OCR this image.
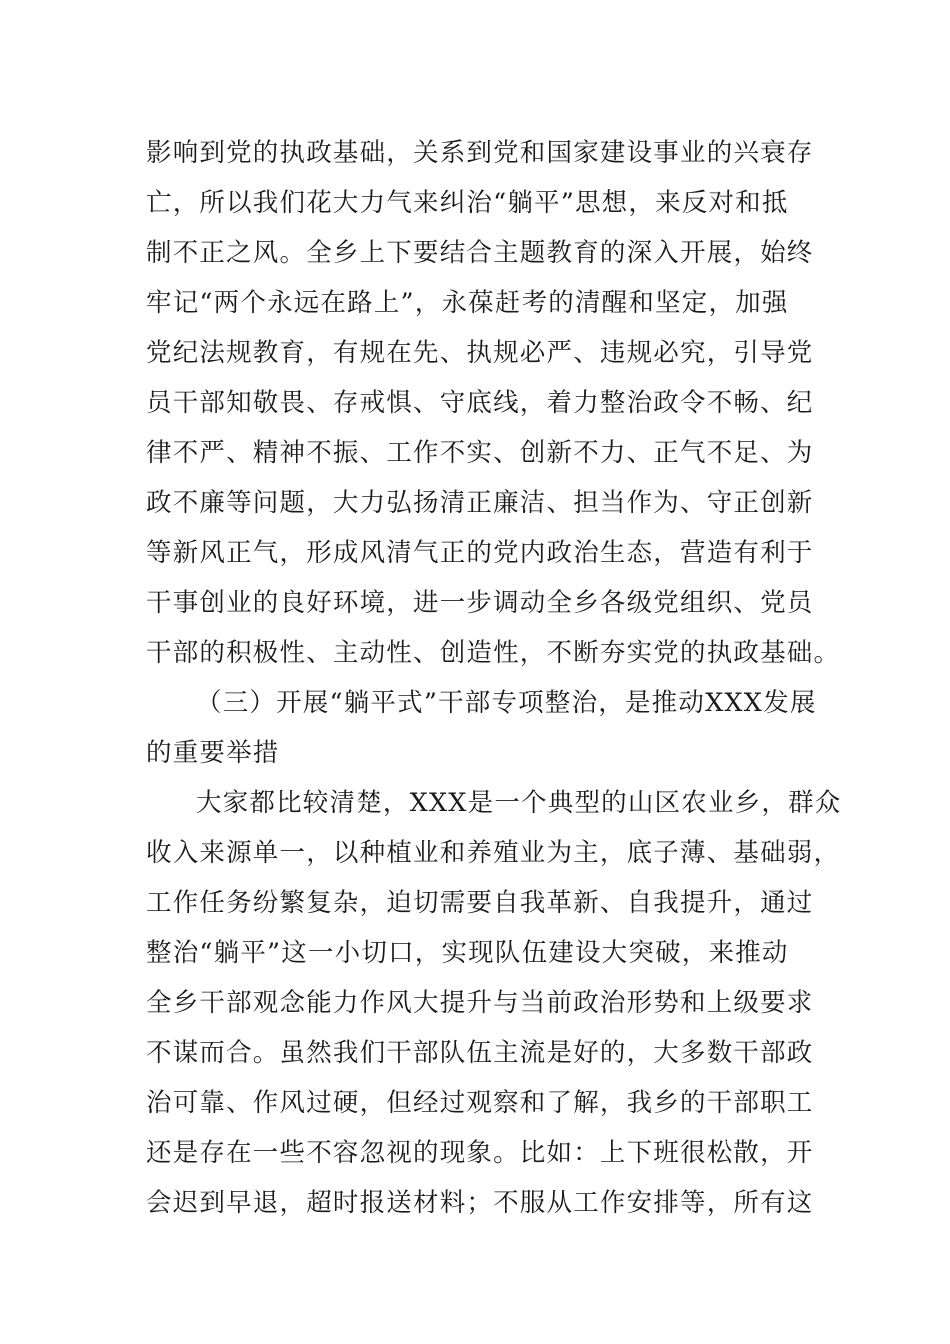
影响到党的执政基础，关系到党和国家建设事业的兴衰存
亡，所以我们花大力气来纠治“躺平”思想，来反对和抵
制不正之风。全乡上下要结合主题教育的深入开展，始终
牢记“两个永远在路上”，永葆赶考的清醒和坚定，加强
党纪法规教育，有规在先、执规必严、违规必究，引导党
员干部知敬畏、存戒惧、守底线，着力整治政令不畅、纪
律不严、精神不振、工作不实、创新不力、正气不足、为
政不廉等问题，大力弘扬清正廉洁、担当作为、守正创新
等新风正气，形成风清气正的党内政治生态，营造有利于
干事创业的良好环境，进一步调动全乡各级党组织、党员
干部的积极性、主动性、创造性，不断夯实党的执政基础。
（三）开展“躺平式”干部专项整治，是推动XXX发展
的重要举措
大家都比较清楚，XXX是一个典型的山区农业乡，群众
收入来源单一，以种植业和养殖业为主，底子薄、基础弱，
工作任务纷繁复杂，迫切需要自我革新、自我提升，通过
整治“躺平”这一小切口，实现队伍建设大突破，来推动
全乡干部观念能力作风大提升与当前政治形势和上级要求
不谋而合。虽然我们干部队伍主流是好的，大多数干部政
治可靠、作风过硬，但经过观察和了解，我乡的干部职工
还是存在一些不容忽视的现象。比如：上下班很松散，开
会迟到早退，超时报送材料；不服从工作安排等，所有这
